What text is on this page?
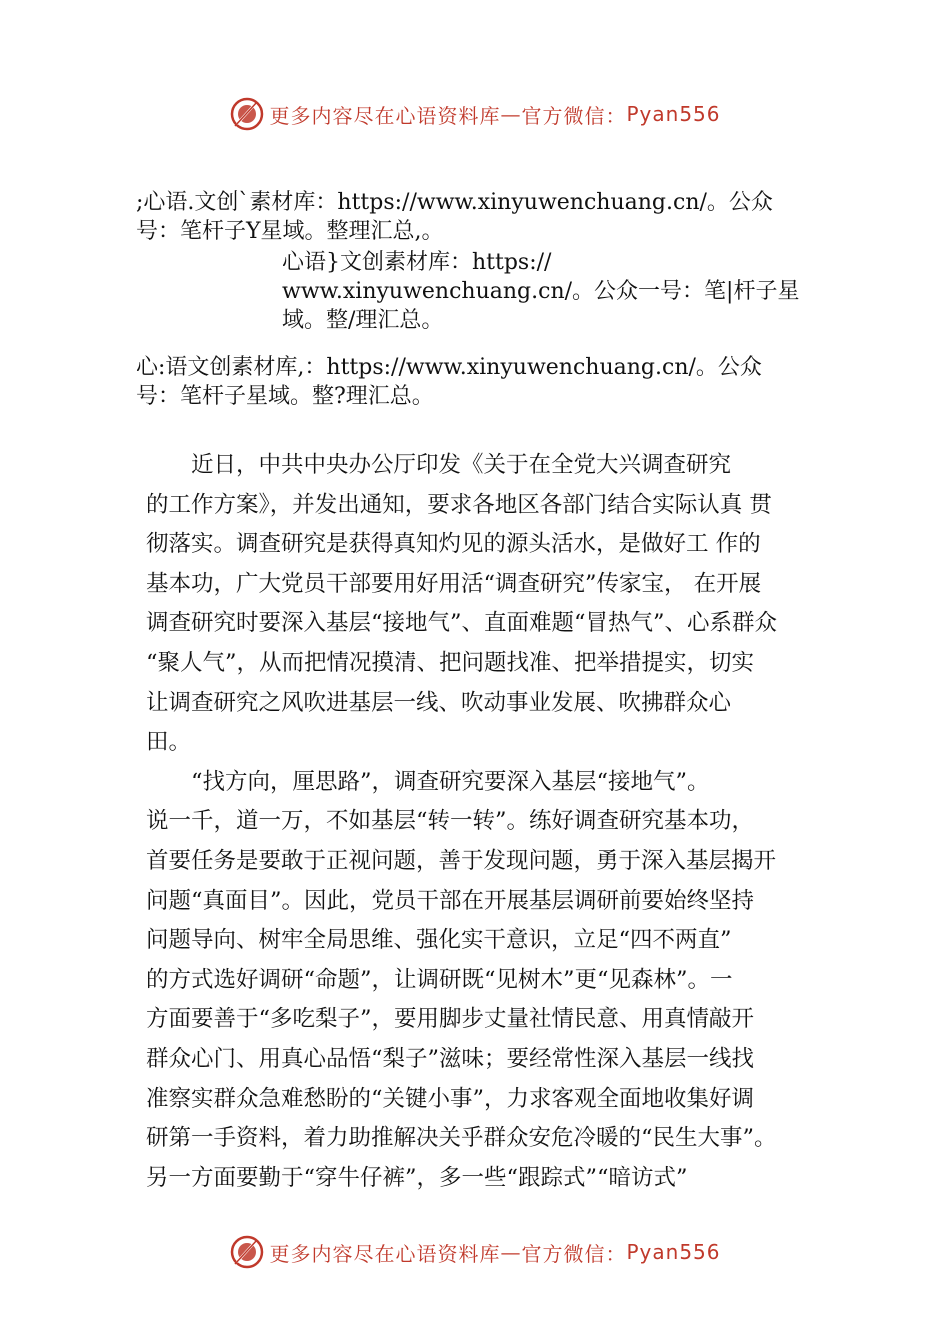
更多内容尽在心语资料库 — 官方微信： Pyan556
;心语.文创`素材库：https://www.xinyuwenchuang.cn/。公众
号：笔杆子Y星域。整理汇总,。
心语}文创素材库：https://
www.xinyuwenchuang.cn/。公众一号：笔|杆子星
域。整/理汇总。
心:语文创素材库,：https://www.xinyuwenchuang.cn/。公众
号：笔杆子星域。整?理汇总。
　　近日，中共中央办公厅印发《关于在全党大兴调查研究
的工作方案》，并发出通知，要求各地区各部门结合实际认真 贯
彻落实。调查研究是获得真知灼见的源头活水，是做好工 作的
基本功，广大党员干部要用好用活“调查研究”传家宝， 在开展
调查研究时要深入基层“接地气”、直面难题“冒热气”、心系群众
“聚人气”，从而把情况摸清、把问题找准、把举措提实，切实
让调查研究之风吹进基层一线、吹动事业发展、吹拂群众心
田。
　　“找方向，厘思路”，调查研究要深入基层“接地气”。
说一千，道一万，不如基层“转一转”。练好调查研究基本功，
首要任务是要敢于正视问题，善于发现问题，勇于深入基层揭开
问题“真面目”。因此，党员干部在开展基层调研前要始终坚持
问题导向、树牢全局思维、强化实干意识，立足“四不两直”
的方式选好调研“命题”，让调研既“见树木”更“见森林”。一
方面要善于“多吃梨子”，要用脚步丈量社情民意、用真情敲开
群众心门、用真心品悟“梨子”滋味；要经常性深入基层一线找
准察实群众急难愁盼的“关键小事”，力求客观全面地收集好调
研第一手资料，着力助推解决关乎群众安危冷暖的“民生大事”。
另一方面要勤于“穿牛仔裤”，多一些“跟踪式”“暗访式”
更多内容尽在心语资料库 — 官方微信： Pyan556
